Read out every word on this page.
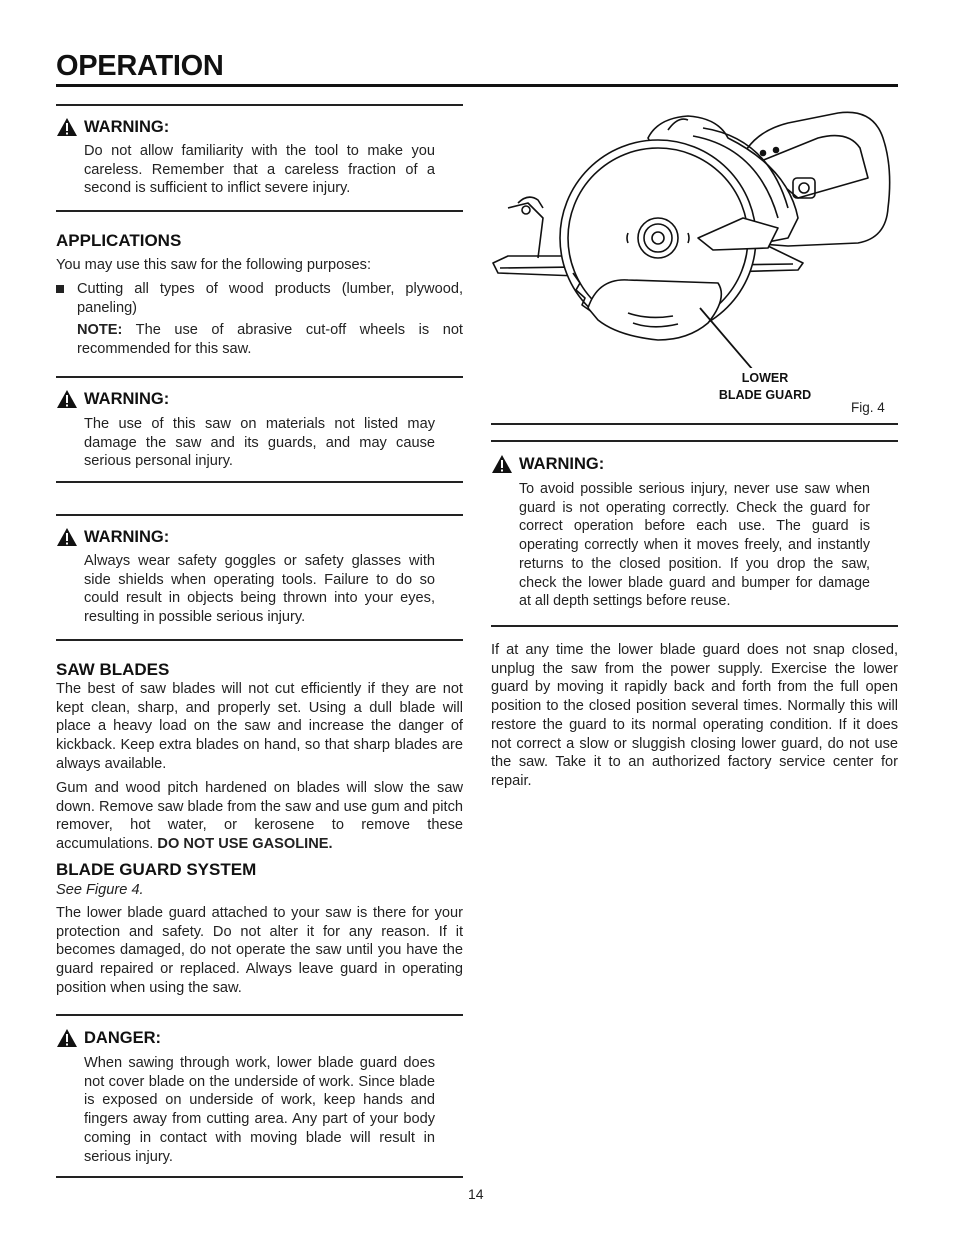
OPERATION
WARNING:
Do not allow familiarity with the tool to make you careless. Remember that a careless fraction of a second is sufficient to inflict severe injury.
APPLICATIONS
You may use this saw for the following purposes:
Cutting all types of wood products (lumber, plywood, paneling)
NOTE: The use of abrasive cut-off wheels is not recommended for this saw.
WARNING:
The use of this saw on materials not listed may damage the saw and its guards, and may cause serious personal injury.
WARNING:
Always wear safety goggles or safety glasses with side shields when operating tools. Failure to do so could result in objects being thrown into your eyes, resulting in possible serious injury.
SAW BLADES
The best of saw blades will not cut efficiently if they are not kept clean, sharp, and properly set. Using a dull blade will place a heavy load on the saw and increase the danger of kickback. Keep extra blades on hand, so that sharp blades are always available.
Gum and wood pitch hardened on blades will slow the saw down. Remove saw blade from the saw and use gum and pitch remover, hot water, or kerosene to remove these accumulations. DO NOT USE GASOLINE.
BLADE GUARD SYSTEM
See Figure 4.
The lower blade guard attached to your saw is there for your protection and safety. Do not alter it for any reason. If it becomes damaged, do not operate the saw until you have the guard repaired or replaced. Always leave guard in operating position when using the saw.
DANGER:
When sawing through work, lower blade guard does not cover blade on the underside of work. Since blade is exposed on underside of work, keep hands and fingers away from cutting area. Any part of your body coming in contact with moving blade will result in serious injury.
LOWER
BLADE GUARD
Fig. 4
WARNING:
To avoid possible serious injury, never use saw when guard is not operating correctly. Check the guard for correct operation before each use. The guard is operating correctly when it moves freely, and instantly returns to the closed position. If you drop the saw, check the lower blade guard and bumper for damage at all depth settings before reuse.
If at any time the lower blade guard does not snap closed, unplug the saw from the power supply. Exercise the lower guard by moving it rapidly back and forth from the full open position to the closed position several times. Normally this will restore the guard to its normal operating condition. If it does not correct a slow or sluggish closing lower guard, do not use the saw. Take it to an authorized factory service center for repair.
14
